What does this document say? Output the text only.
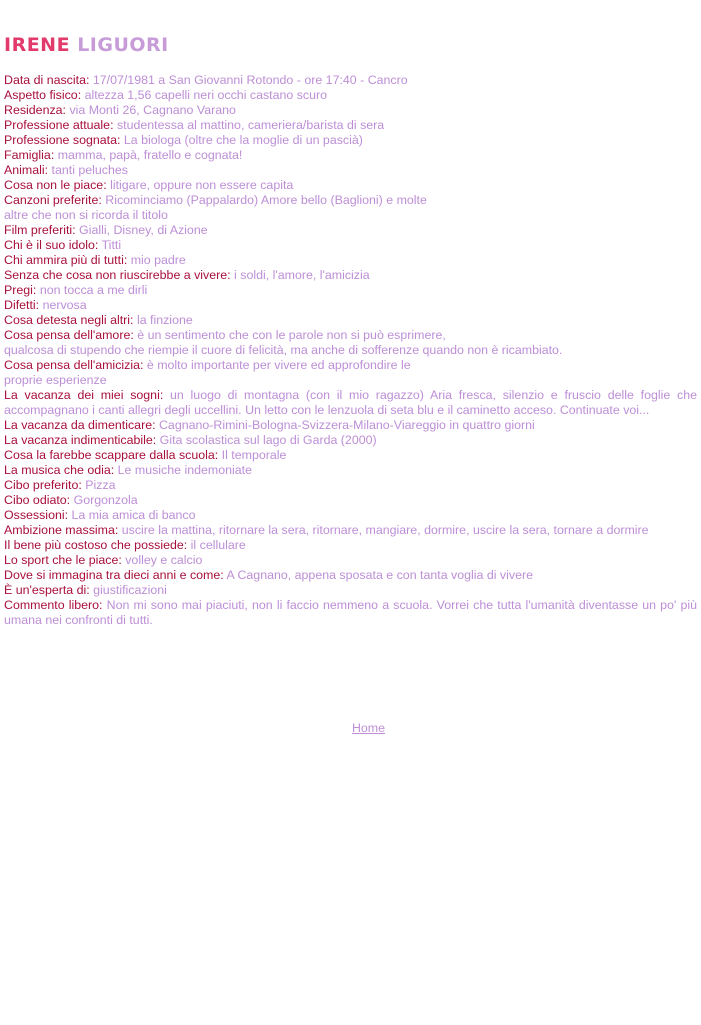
IRENE LIGUORI
Data di nascita: 17/07/1981 a San Giovanni Rotondo - ore 17:40 - Cancro
Aspetto fisico: altezza 1,56 capelli neri occhi castano scuro
Residenza: via Monti 26, Cagnano Varano
Professione attuale: studentessa al mattino, cameriera/barista di sera
Professione sognata: La biologa (oltre che la moglie di un pascià)
Famiglia: mamma, papà, fratello e cognata!
Animali: tanti peluches
Cosa non le piace: litigare, oppure non essere capita
Canzoni preferite: Ricominciamo (Pappalardo) Amore bello (Baglioni) e molte
altre che non si ricorda il titolo
Film preferiti: Gialli, Disney, di Azione
Chi è il suo idolo: Titti
Chi ammira più di tutti: mio padre
Senza che cosa non riuscirebbe a vivere: i soldi, l'amore, l'amicizia
Pregi: non tocca a me dirli
Difetti: nervosa
Cosa detesta negli altri: la finzione
Cosa pensa dell'amore: è un sentimento che con le parole non si può esprimere,
qualcosa di stupendo che riempie il cuore di felicità, ma anche di sofferenze quando non è ricambiato.
Cosa pensa dell'amicizia: è molto importante per vivere ed approfondire le
proprie esperienze
La vacanza dei miei sogni: un luogo di montagna (con il mio ragazzo) Aria fresca, silenzio e fruscio delle foglie che accompagnano i canti allegri degli uccellini. Un letto con le lenzuola di seta blu e il caminetto acceso. Continuate voi...
La vacanza da dimenticare: Cagnano-Rimini-Bologna-Svizzera-Milano-Viareggio in quattro giorni
La vacanza indimenticabile: Gita scolastica sul lago di Garda (2000)
Cosa la farebbe scappare dalla scuola: Il temporale
La musica che odia: Le musiche indemoniate
Cibo preferito: Pizza
Cibo odiato: Gorgonzola
Ossessioni: La mia amica di banco
Ambizione massima: uscire la mattina, ritornare la sera, ritornare, mangiare, dormire, uscire la sera, tornare a dormire
Il bene più costoso che possiede: il cellulare
Lo sport che le piace: volley e calcio
Dove si immagina tra dieci anni e come: A Cagnano, appena sposata e con tanta voglia di vivere
È un'esperta di: giustificazioni
Commento libero: Non mi sono mai piaciuti, non li faccio nemmeno a scuola. Vorrei che tutta l'umanità diventasse un po' più umana nei confronti di tutti.
Home
